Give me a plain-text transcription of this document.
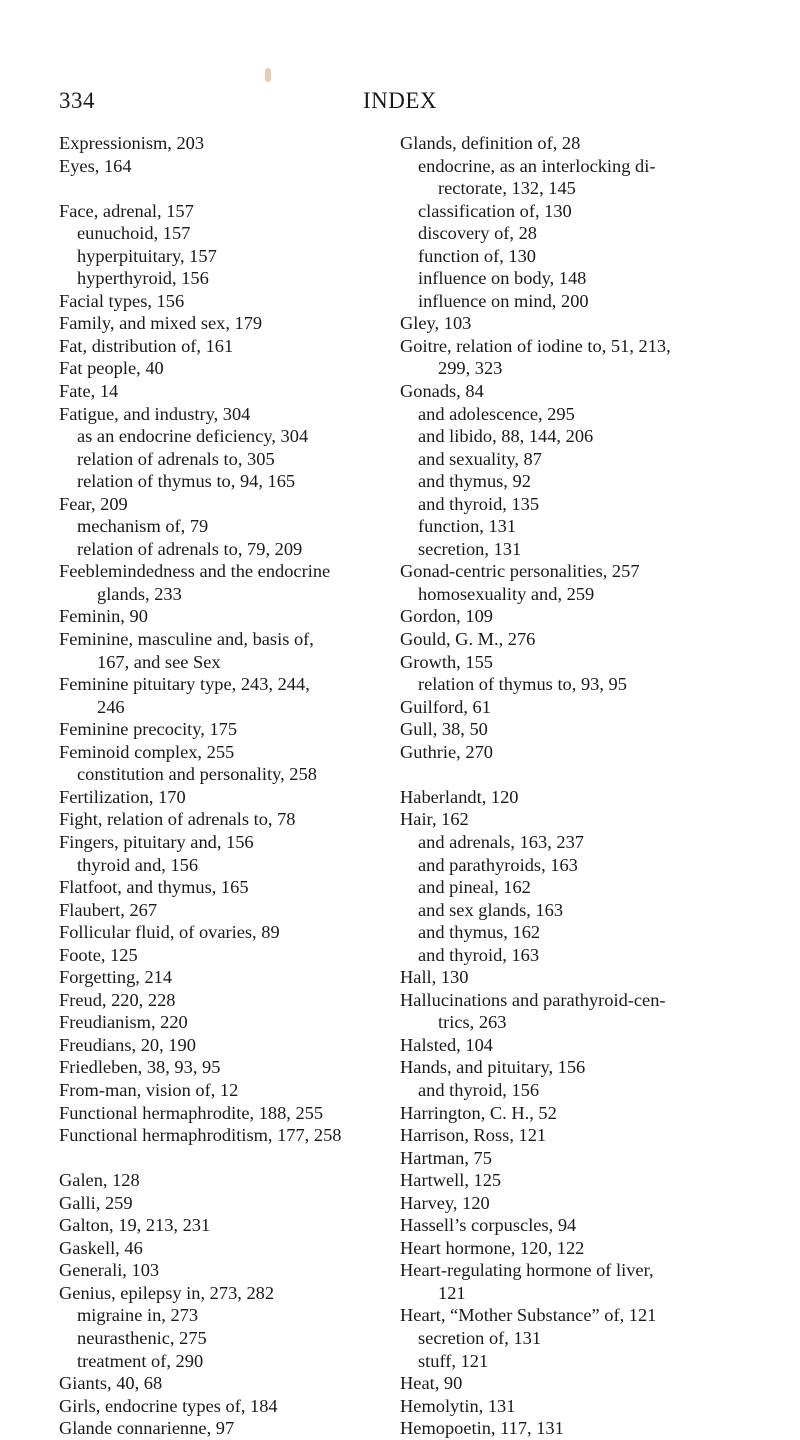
334	INDEX
Expressionism, 203
Eyes, 164
Face, adrenal, 157
eunuchoid, 157
hyperpituitary, 157
hyperthyroid, 156
Facial types, 156
Family, and mixed sex, 179
Fat, distribution of, 161
Fat people, 40
Fate, 14
Fatigue, and industry, 304
as an endocrine deficiency, 304
relation of adrenals to, 305
relation of thymus to, 94, 165
Fear, 209
mechanism of, 79
relation of adrenals to, 79, 209
Feeblemindedness and the endocrine
glands, 233
Feminin, 90
Feminine, masculine and, basis of,
167, and see Sex
Feminine pituitary type, 243, 244,
246
Feminine precocity, 175
Feminoid complex, 255
constitution and personality, 258
Fertilization, 170
Fight, relation of adrenals to, 78
Fingers, pituitary and, 156
thyroid and, 156
Flatfoot, and thymus, 165
Flaubert, 267
Follicular fluid, of ovaries, 89
Foote, 125
Forgetting, 214
Freud, 220, 228
Freudianism, 220
Freudians, 20, 190
Friedleben, 38, 93, 95
From-man, vision of, 12
Functional hermaphrodite, 188, 255
Functional hermaphroditism, 177, 258
Galen, 128
Galli, 259
Galton, 19, 213, 231
Gaskell, 46
Generali, 103
Genius, epilepsy in, 273, 282
migraine in, 273
neurasthenic, 275
treatment of, 290
Giants, 40, 68
Girls, endocrine types of, 184
Glande connarienne, 97
Glands, definition of, 28
endocrine, as an interlocking di-
rectorate, 132, 145
classification of, 130
discovery of, 28
function of, 130
influence on body, 148
influence on mind, 200
Gley, 103
Goitre, relation of iodine to, 51, 213,
299, 323
Gonads, 84
and adolescence, 295
and libido, 88, 144, 206
and sexuality, 87
and thymus, 92
and thyroid, 135
function, 131
secretion, 131
Gonad-centric personalities, 257
homosexuality and, 259
Gordon, 109
Gould, G. M., 276
Growth, 155
relation of thymus to, 93, 95
Guilford, 61
Gull, 38, 50
Guthrie, 270
Haberlandt, 120
Hair, 162
and adrenals, 163, 237
and parathyroids, 163
and pineal, 162
and sex glands, 163
and thymus, 162
and thyroid, 163
Hall, 130
Hallucinations and parathyroid-cen-
trics, 263
Halsted, 104
Hands, and pituitary, 156
and thyroid, 156
Harrington, C. H., 52
Harrison, Ross, 121
Hartman, 75
Hartwell, 125
Harvey, 120
Hassell’s corpuscles, 94
Heart hormone, 120, 122
Heart-regulating hormone of liver,
121
Heart, “Mother Substance” of, 121
secretion of, 131
stuff, 121
Heat, 90
Hemolytin, 131
Hemopoetin, 117, 131
